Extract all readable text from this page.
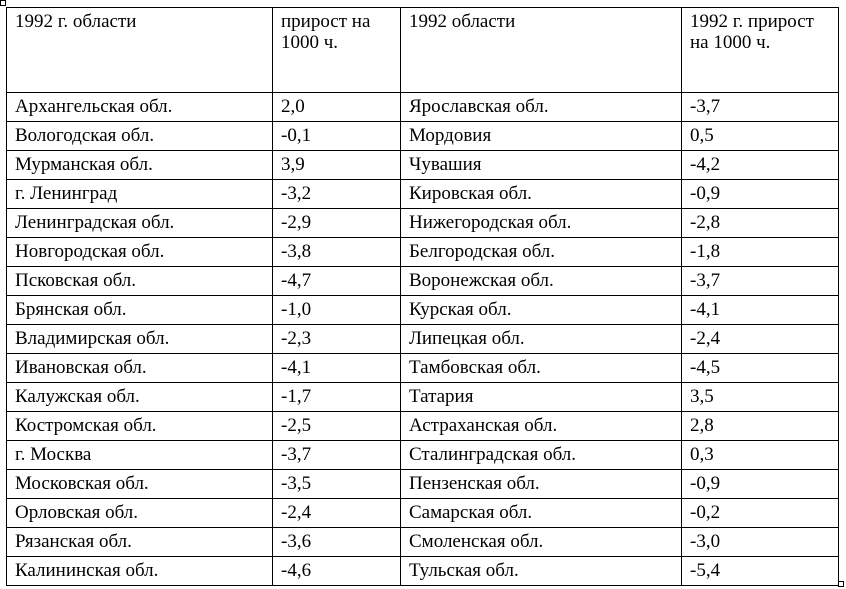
1992 г. области	прирост на 1000 ч.	1992 области	1992 г. прирост на 1000 ч.
Архангельская обл.	2,0	Ярославская обл.	-3,7
Вологодская обл.	-0,1	Мордовия	0,5
Мурманская обл.	3,9	Чувашия	-4,2
г. Ленинград	-3,2	Кировская обл.	-0,9
Ленинградская обл.	-2,9	Нижегородская обл.	-2,8
Новгородская обл.	-3,8	Белгородская обл.	-1,8
Псковская обл.	-4,7	Воронежская обл.	-3,7
Брянская обл.	-1,0	Курская обл.	-4,1
Владимирская обл.	-2,3	Липецкая обл.	-2,4
Ивановская обл.	-4,1	Тамбовская обл.	-4,5
Калужская обл.	-1,7	Татария	3,5
Костромская обл.	-2,5	Астраханская обл.	2,8
г. Москва	-3,7	Сталинградская обл.	0,3
Московская обл.	-3,5	Пензенская обл.	-0,9
Орловская обл.	-2,4	Самарская обл.	-0,2
Рязанская обл.	-3,6	Смоленская обл.	-3,0
Калининская обл.	-4,6	Тульская обл.	-5,4
